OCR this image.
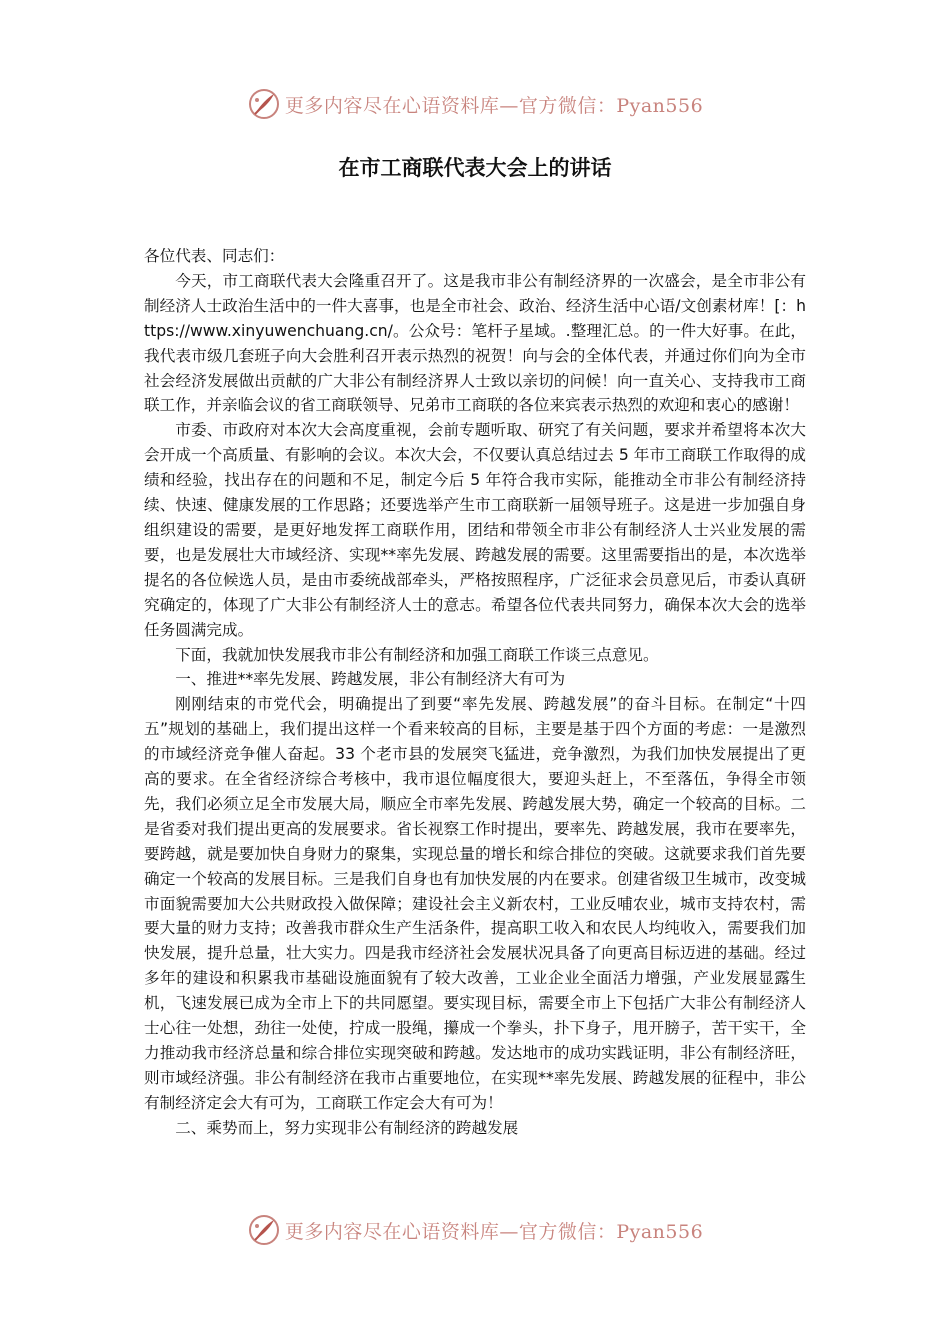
更多内容尽在心语资料库—官方微信：Pyan556
在市工商联代表大会上的讲话

各位代表、同志们：

今天，市工商联代表大会隆重召开了。这是我市非公有制经济界的一次盛会，是全市非公有制经济人士政治生活中的一件大喜事，也是全市社会、政治、经济生活中心语/文创素材库！[：https://www.xinyuwenchuang.cn/。公众号：笔杆子星域。.整理汇总。的一件大好事。在此，我代表市级几套班子向大会胜利召开表示热烈的祝贺！向与会的全体代表，并通过你们向为全市社会经济发展做出贡献的广大非公有制经济界人士致以亲切的问候！向一直关心、支持我市工商联工作，并亲临会议的省工商联领导、兄弟市工商联的各位来宾表示热烈的欢迎和衷心的感谢！

市委、市政府对本次大会高度重视，会前专题听取、研究了有关问题，要求并希望将本次大会开成一个高质量、有影响的会议。本次大会，不仅要认真总结过去 5 年市工商联工作取得的成绩和经验，找出存在的问题和不足，制定今后 5 年符合我市实际，能推动全市非公有制经济持续、快速、健康发展的工作思路；还要选举产生市工商联新一届领导班子。这是进一步加强自身组织建设的需要，是更好地发挥工商联作用，团结和带领全市非公有制经济人士兴业发展的需要，也是发展壮大市域经济、实现**率先发展、跨越发展的需要。这里需要指出的是，本次选举提名的各位候选人员，是由市委统战部牵头，严格按照程序，广泛征求会员意见后，市委认真研究确定的，体现了广大非公有制经济人士的意志。希望各位代表共同努力，确保本次大会的选举任务圆满完成。

下面，我就加快发展我市非公有制经济和加强工商联工作谈三点意见。

一、推进**率先发展、跨越发展，非公有制经济大有可为

刚刚结束的市党代会，明确提出了到要“率先发展、跨越发展”的奋斗目标。在制定“十四五”规划的基础上，我们提出这样一个看来较高的目标，主要是基于四个方面的考虑：一是激烈的市域经济竞争催人奋起。33 个老市县的发展突飞猛进，竞争激烈，为我们加快发展提出了更高的要求。在全省经济综合考核中，我市退位幅度很大，要迎头赶上，不至落伍，争得全市领先，我们必须立足全市发展大局，顺应全市率先发展、跨越发展大势，确定一个较高的目标。二是省委对我们提出更高的发展要求。省长视察工作时提出，要率先、跨越发展，我市在要率先，要跨越，就是要加快自身财力的聚集，实现总量的增长和综合排位的突破。这就要求我们首先要确定一个较高的发展目标。三是我们自身也有加快发展的内在要求。创建省级卫生城市，改变城市面貌需要加大公共财政投入做保障；建设社会主义新农村，工业反哺农业，城市支持农村，需要大量的财力支持；改善我市群众生产生活条件，提高职工收入和农民人均纯收入，需要我们加快发展，提升总量，壮大实力。四是我市经济社会发展状况具备了向更高目标迈进的基础。经过多年的建设和积累我市基础设施面貌有了较大改善，工业企业全面活力增强，产业发展显露生机，飞速发展已成为全市上下的共同愿望。要实现目标，需要全市上下包括广大非公有制经济人士心往一处想，劲往一处使，拧成一股绳，攥成一个拳头，扑下身子，甩开膀子，苦干实干，全力推动我市经济总量和综合排位实现突破和跨越。发达地市的成功实践证明，非公有制经济旺，则市域经济强。非公有制经济在我市占重要地位，在实现**率先发展、跨越发展的征程中，非公有制经济定会大有可为，工商联工作定会大有可为！

二、乘势而上，努力实现非公有制经济的跨越发展

更多内容尽在心语资料库—官方微信：Pyan556
